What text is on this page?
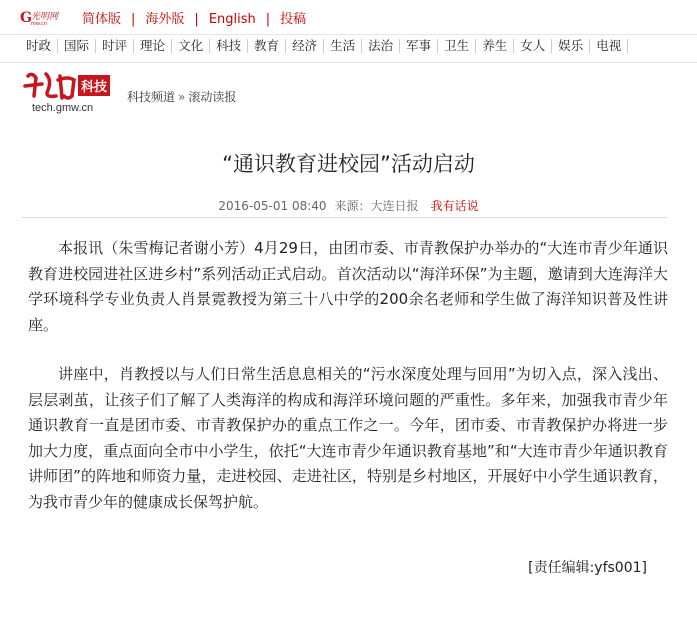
G 光明网
mw.cn	简体版 | 海外版 | English | 投稿
时政 国际 时评 理论 文化 科技 教育 经济 生活 法治 军事 卫生 养生 女人 娱乐 电视
科技
tech.gmw.cn
科技频道 » 滚动读报
“通识教育进校园”活动启动
2016-05-01 08:40 来源：大连日报 我有话说

本报讯（朱雪梅记者谢小芳）4月29日，由团市委、市青教保护办举办的“大连市青少年通识教育进校园进社区进乡村”系列活动正式启动。首次活动以“海洋环保”为主题，邀请到大连海洋大学环境科学专业负责人肖景霓教授为第三十八中学的200余名老师和学生做了海洋知识普及性讲座。

讲座中，肖教授以与人们日常生活息息相关的“污水深度处理与回用”为切入点，深入浅出、层层剥茧，让孩子们了解了人类海洋的构成和海洋环境问题的严重性。多年来，加强我市青少年通识教育一直是团市委、市青教保护办的重点工作之一。今年，团市委、市青教保护办将进一步加大力度，重点面向全市中小学生，依托“大连市青少年通识教育基地”和“大连市青少年通识教育讲师团”的阵地和师资力量，走进校园、走进社区，特别是乡村地区，开展好中小学生通识教育，为我市青少年的健康成长保驾护航。

[责任编辑:yfs001]
